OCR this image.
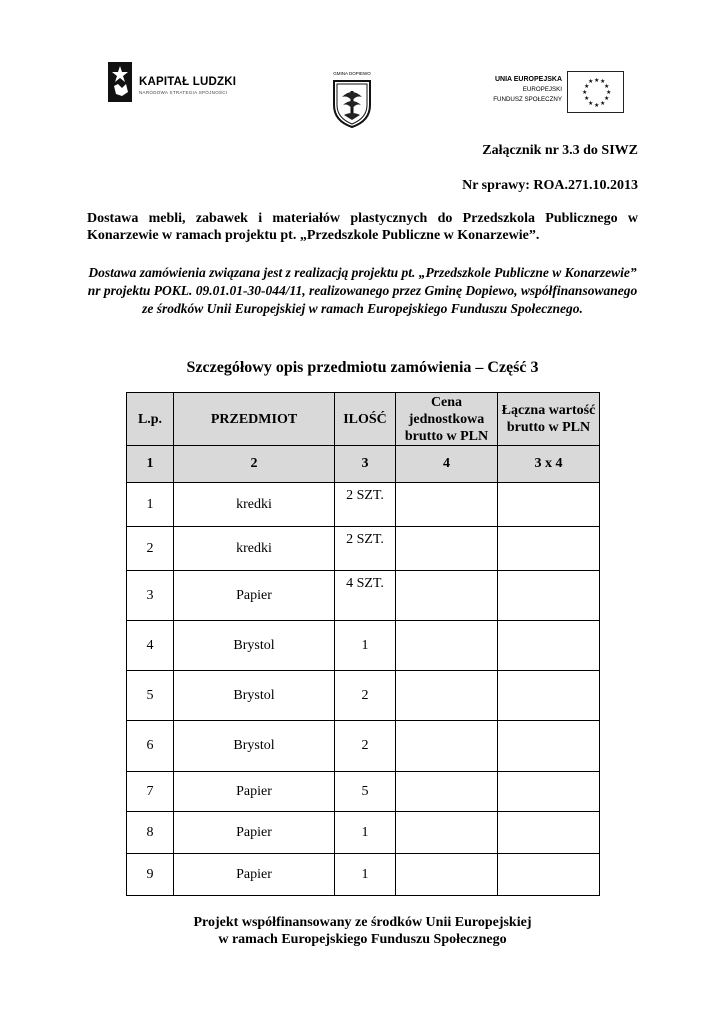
KAPITAŁ LUDZKI
NARODOWA STRATEGIA SPÓJNOŚCI
GMINA DOPIEWO
UNIA EUROPEJSKA
EUROPEJSKI
FUNDUSZ SPOŁECZNY
★ ★
★
★
★
★
★
★
★
★
★
★
Załącznik nr 3.3 do SIWZ
Nr sprawy: ROA.271.10.2013
Dostawa mebli, zabawek i materiałów plastycznych do Przedszkola Publicznego w Konarzewie w ramach projektu pt. „Przedszkole Publiczne w Konarzewie”.
Dostawa zamówienia związana jest z realizacją projektu pt. „Przedszkole Publiczne w Konarzewie” nr projektu POKL. 09.01.01-30-044/11, realizowanego przez Gminę Dopiewo, współfinansowanego ze środków Unii Europejskiej w ramach Europejskiego Funduszu Społecznego.
Szczegółowy opis przedmiotu zamówienia – Część 3
L.p.	PRZEDMIOT	ILOŚĆ	Cena jednostkowa brutto w PLN	Łączna wartość brutto w PLN
1	2	3	4	3 x 4
1	kredki	2 SZT.		
2	kredki	2 SZT.		
3	Papier	4 SZT.		
4	Brystol	1		
5	Brystol	2		
6	Brystol	2		
7	Papier	5		
8	Papier	1		
9	Papier	1		
Projekt współfinansowany ze środków Unii Europejskiej
w ramach Europejskiego Funduszu Społecznego
